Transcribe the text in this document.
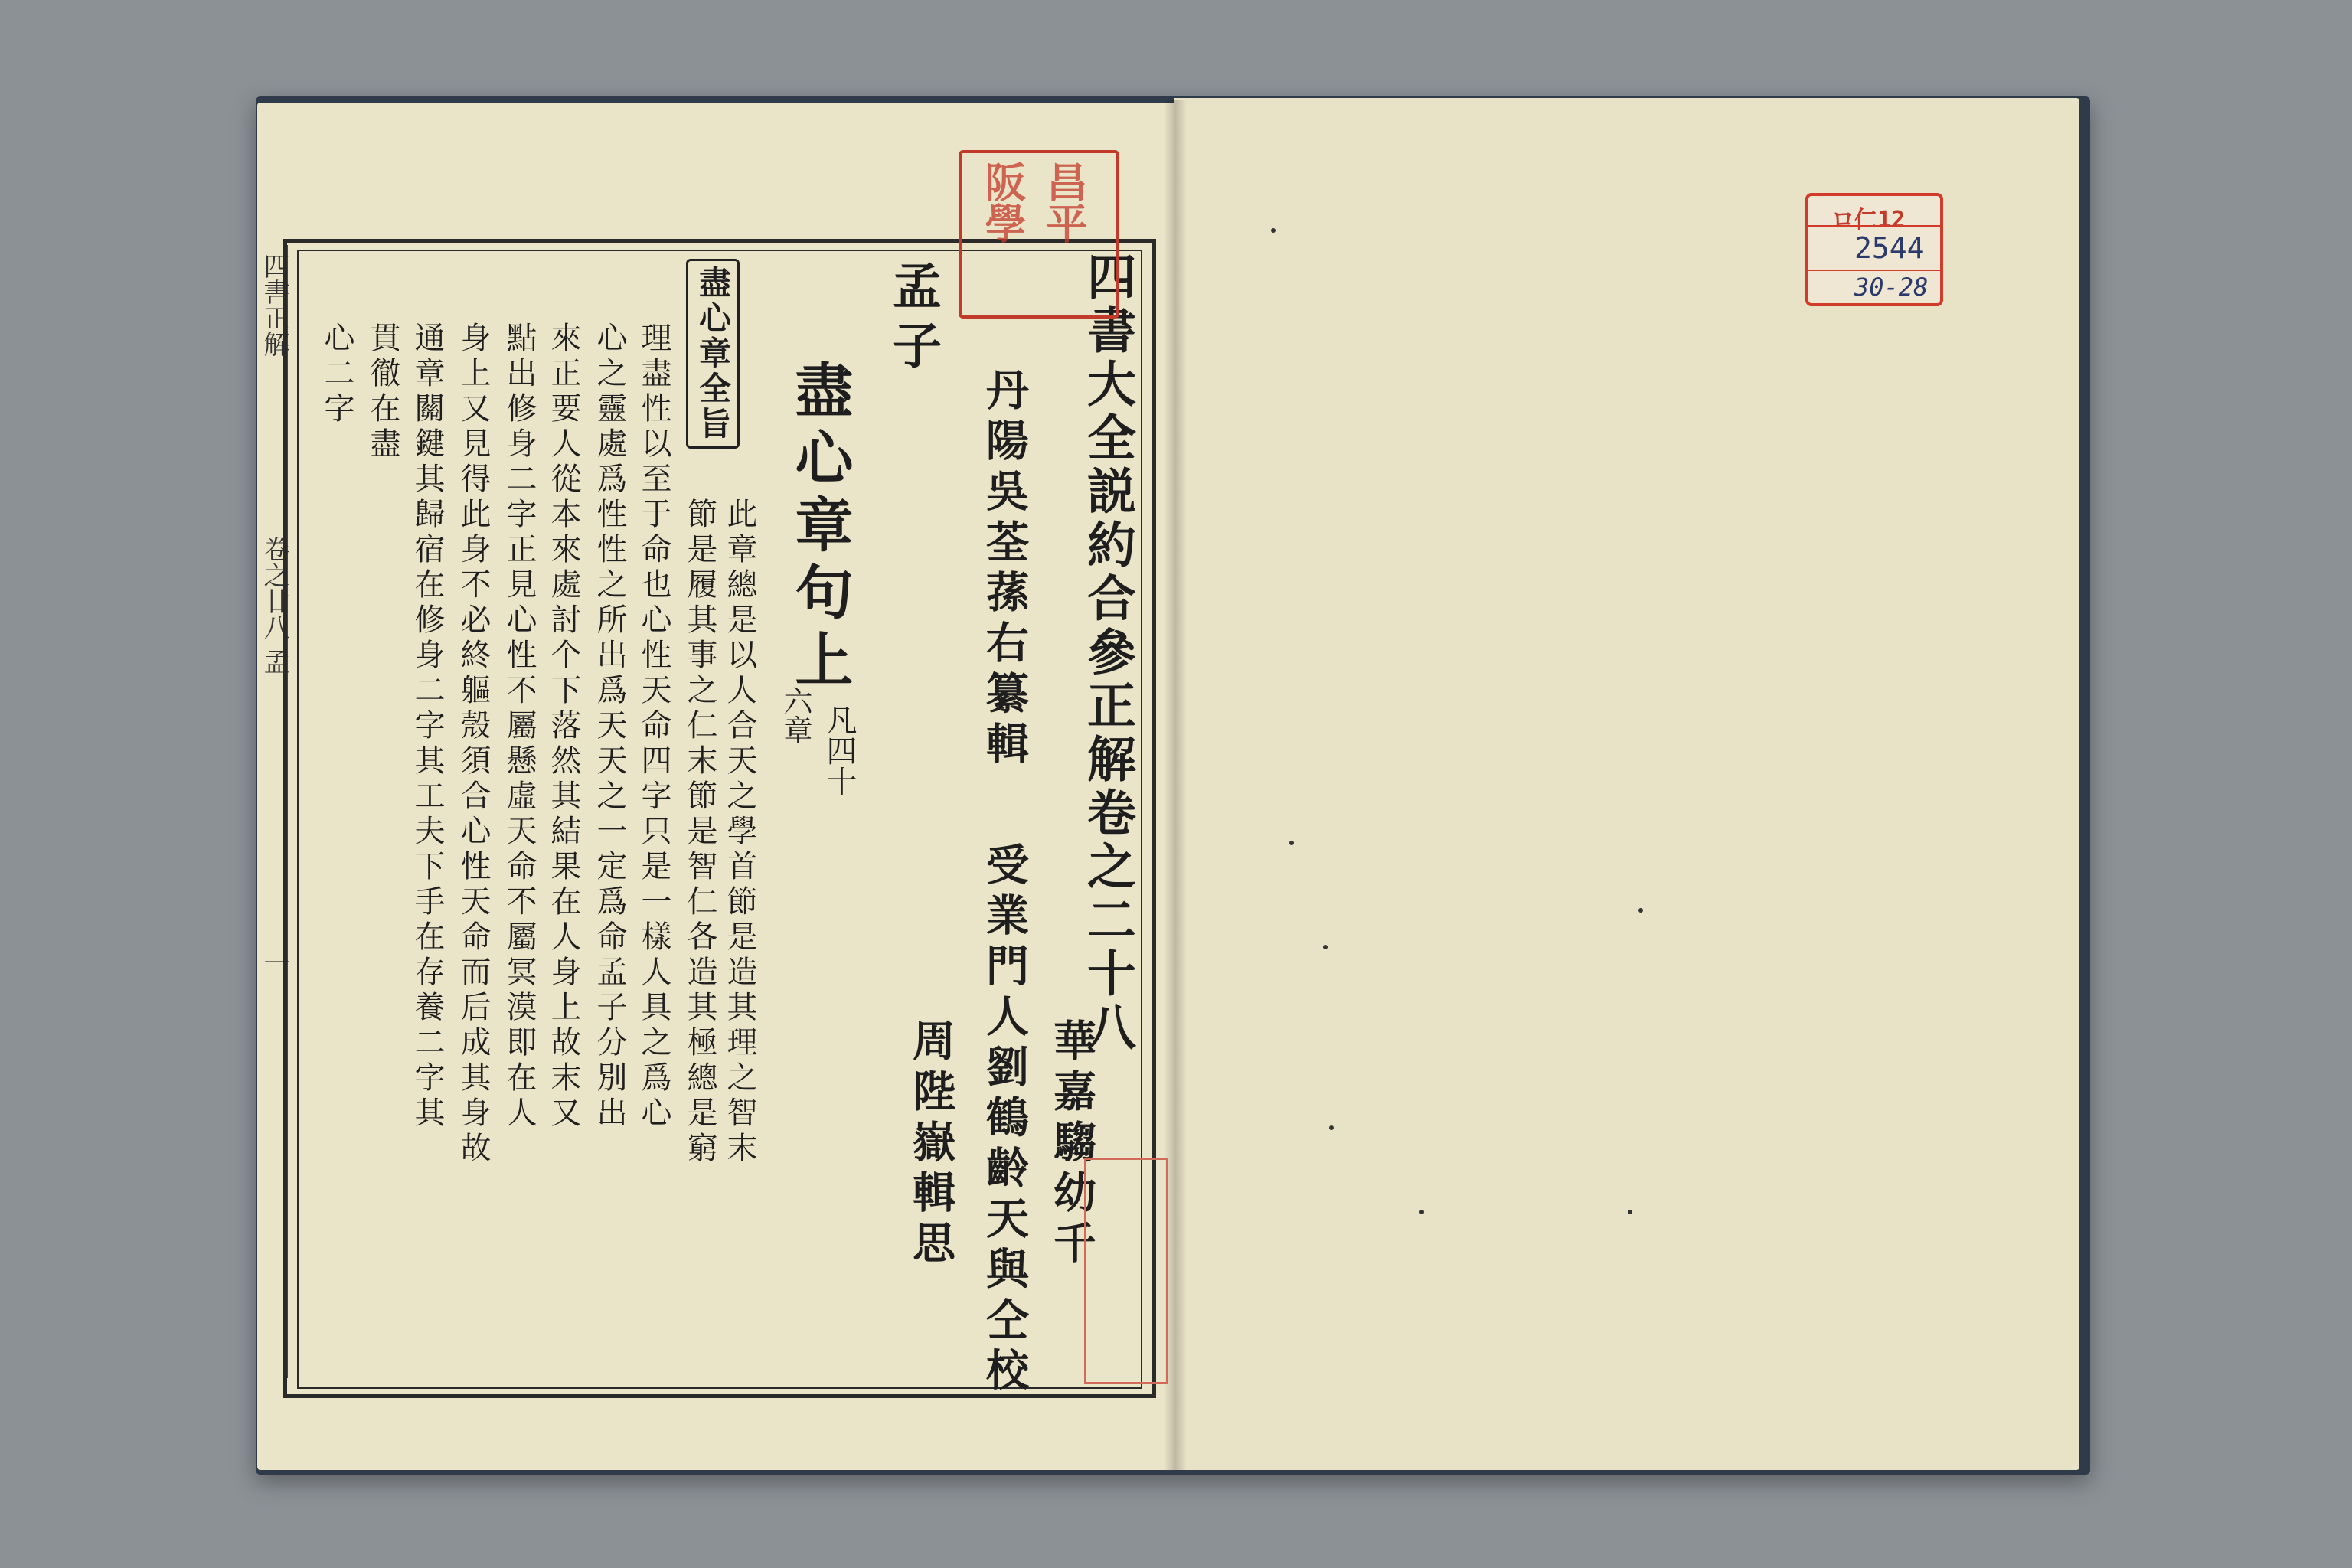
四書正解
卷之廿八 孟
一	四書大全説約合參正解卷之二十八
丹陽吳荃蓀右纂輯
受業門人劉鶴齡天與仝校 華嘉騶幼千
周陛嶽輯思
孟子
盡心章句上
凡四十
六章
盡心章全旨
此章總是以人合天之學首節是造其理之智末
節是履其事之仁末節是智仁各造其極總是窮
理盡性以至于命也心性天命四字只是一樣人具之爲心
心之靈處爲性性之所出爲天天之一定爲命孟子分別出
來正要人從本來處討个下落然其結果在人身上故末又
點出修身二字正見心性不屬懸虛天命不屬冥漠即在人
身上又見得此身不必終軀殼須合心性天命而后成其身故
通章關鍵其歸宿在修身二字其工夫下手在存養二字其
貫徹在盡
心二字
昌平
阪學	ロ仁12
2544
30-28
